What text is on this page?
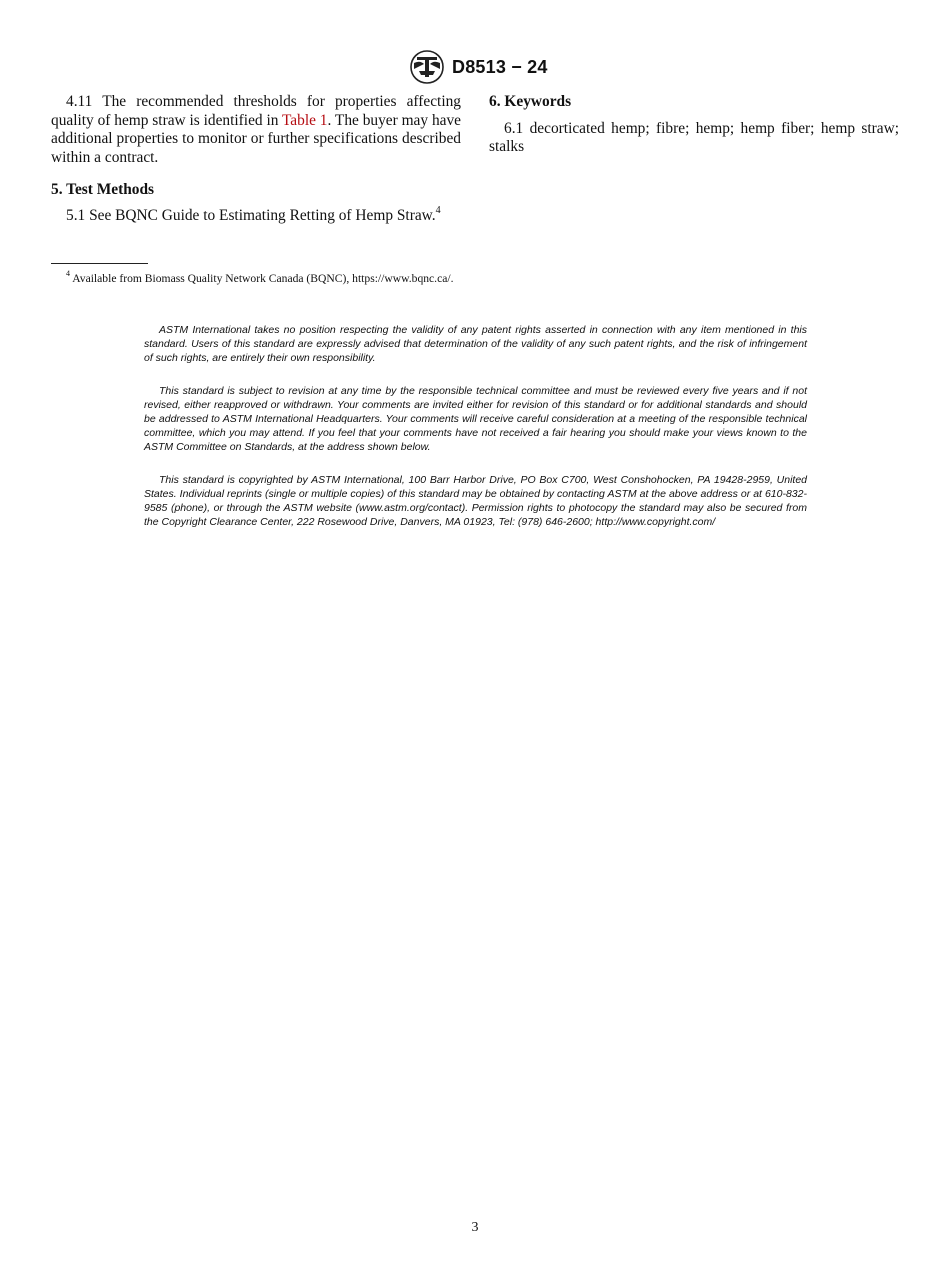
D8513 − 24

4.11 The recommended thresholds for properties affecting quality of hemp straw is identified in Table 1. The buyer may have additional properties to monitor or further specifications described within a contract.

5. Test Methods

5.1 See BQNC Guide to Estimating Retting of Hemp Straw.$^4$

6. Keywords

6.1 decorticated hemp; fibre; hemp; hemp fiber; hemp straw; stalks

$^4$ Available from Biomass Quality Network Canada (BQNC), https://www.bqnc.ca/.

ASTM International takes no position respecting the validity of any patent rights asserted in connection with any item mentioned in this standard. Users of this standard are expressly advised that determination of the validity of any such patent rights, and the risk of infringement of such rights, are entirely their own responsibility.

This standard is subject to revision at any time by the responsible technical committee and must be reviewed every five years and if not revised, either reapproved or withdrawn. Your comments are invited either for revision of this standard or for additional standards and should be addressed to ASTM International Headquarters. Your comments will receive careful consideration at a meeting of the responsible technical committee, which you may attend. If you feel that your comments have not received a fair hearing you should make your views known to the ASTM Committee on Standards, at the address shown below.

This standard is copyrighted by ASTM International, 100 Barr Harbor Drive, PO Box C700, West Conshohocken, PA 19428-2959, United States. Individual reprints (single or multiple copies) of this standard may be obtained by contacting ASTM at the above address or at 610-832-9585 (phone), or through the ASTM website (www.astm.org/contact). Permission rights to photocopy the standard may also be secured from the Copyright Clearance Center, 222 Rosewood Drive, Danvers, MA 01923, Tel: (978) 646-2600; http://www.copyright.com/

3
